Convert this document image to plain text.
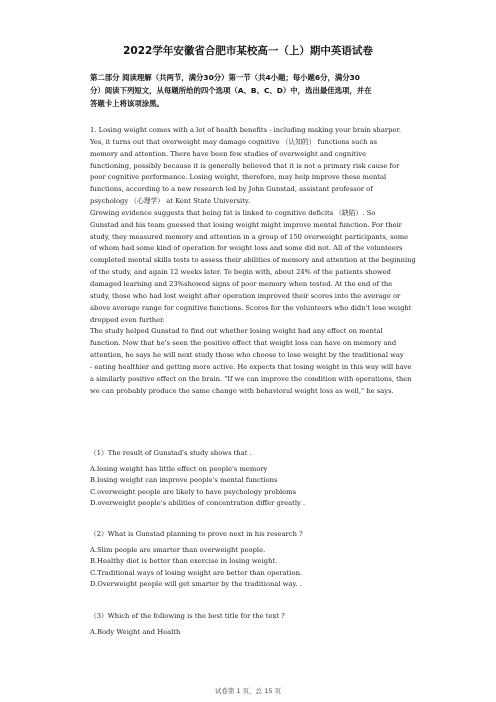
2022学年安徽省合肥市某校高一（上）期中英语试卷
第二部分 阅读理解（共两节，满分30分）第一节（共4小题；每小题6分，满分30
分）阅读下列短文，从每题所给的四个选项（A、B、C、D）中，选出最佳选项，并在
答题卡上将该项涂黑。
1. Losing weight comes with a lot of health benefits - including making your brain sharper.
Yes, it turns out that overweight may damage cognitive （认知的） functions such as
memory and attention. There have been few studies of overweight and cognitive
functioning, possibly because it is generally believed that it is not a primary risk cause for
poor cognitive performance. Losing weight, therefore, may help improve these mental
functions, according to a new research led by John Gunstad, assistant professor of
psychology （心理学） at Kent State University.
Growing evidence suggests that being fat is linked to cognitive deficits （缺陷）. So
Gunstad and his team guessed that losing weight might improve mental function. For their
study, they measured memory and attention in a group of 150 overweight participants, some
of whom had some kind of operation for weight loss and some did not. All of the volunteers
completed mental skills tests to assess their abilities of memory and attention at the beginning
of the study, and again 12 weeks later. To begin with, about 24% of the patients showed
damaged learning and 23%showed signs of poor memory when tested. At the end of the
study, those who had lost weight after operation improved their scores into the average or
above average range for cognitive functions. Scores for the volunteers who didn't lose weight
dropped even further.
The study helped Gunstad to find out whether losing weight had any effect on mental
function. Now that he's seen the positive effect that weight loss can have on memory and
attention, he says he will next study those who choose to lose weight by the traditional way
- eating healthier and getting more active. He expects that losing weight in this way will have
a similarly positive effect on the brain. "If we can improve the condition with operations, then
we can probably produce the same change with behavioral weight loss as well," he says.
（1）The result of Gunstad's study shows that .
A.losing weight has little effect on people's memory
B.losing weight can improve people's mental functions
C.overweight people are likely to have psychology problems
D.overweight people's abilities of concentration differ greatly .
（2）What is Gunstad planning to prove next in his research ?
A.Slim people are smarter than overweight people.
B.Healthy diet is better than exercise in losing weight.
C.Traditional ways of losing weight are better than operation.
D.Overweight people will get smarter by the traditional way. .
（3）Which of the following is the best title for the text ?
A.Body Weight and Health
试卷第 1 页，总 15 页
